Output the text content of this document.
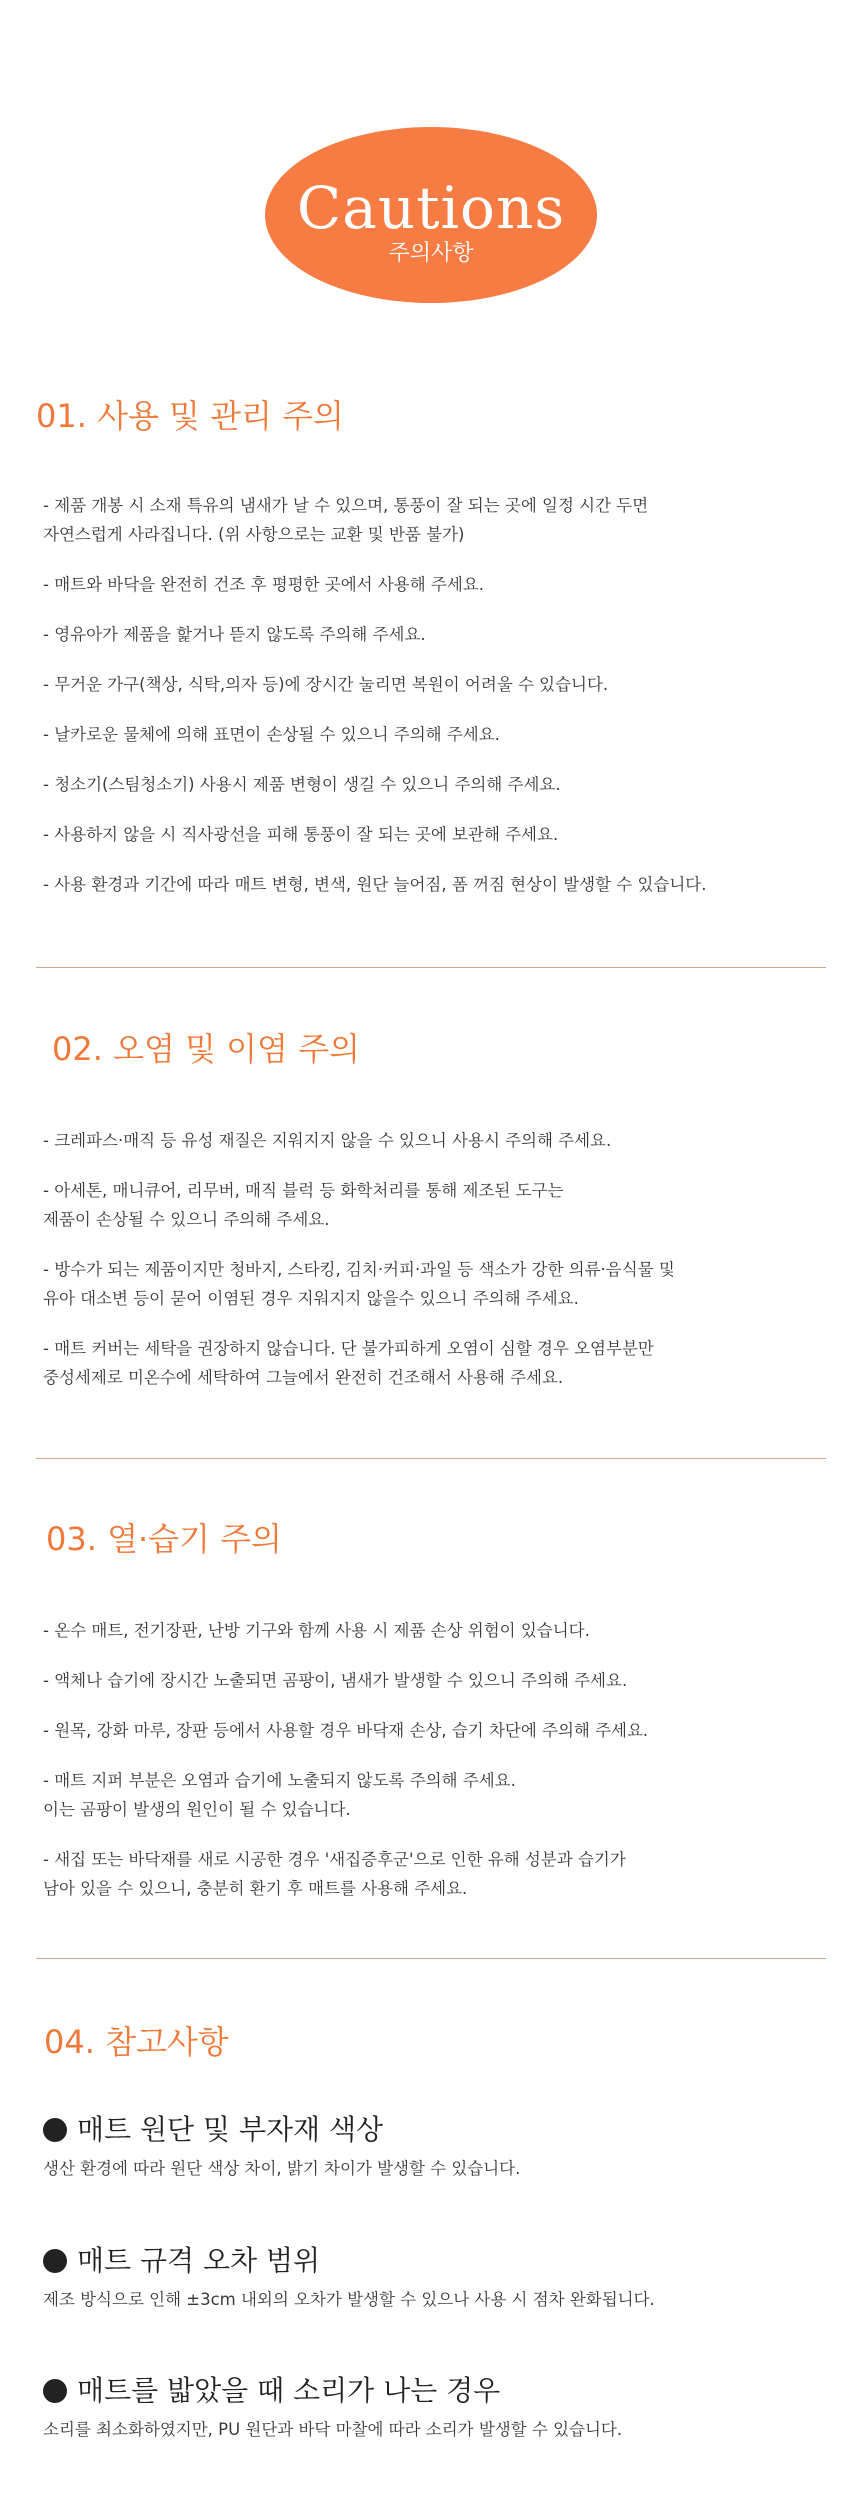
Cautions
주의사항
01. 사용 및 관리 주의

- 제품 개봉 시 소재 특유의 냄새가 날 수 있으며, 통풍이 잘 되는 곳에 일정 시간 두면
자연스럽게 사라집니다. (위 사항으로는 교환 및 반품 불가)

- 매트와 바닥을 완전히 건조 후 평평한 곳에서 사용해 주세요.

- 영유아가 제품을 핥거나 뜯지 않도록 주의해 주세요.

- 무거운 가구(책상, 식탁,의자 등)에 장시간 눌리면 복원이 어려울 수 있습니다.

- 날카로운 물체에 의해 표면이 손상될 수 있으니 주의해 주세요.

- 청소기(스팀청소기) 사용시 제품 변형이 생길 수 있으니 주의해 주세요.

- 사용하지 않을 시 직사광선을 피해 통풍이 잘 되는 곳에 보관해 주세요.

- 사용 환경과 기간에 따라 매트 변형, 변색, 원단 늘어짐, 폼 꺼짐 현상이 발생할 수 있습니다.

02. 오염 및 이염 주의

- 크레파스·매직 등 유성 재질은 지워지지 않을 수 있으니 사용시 주의해 주세요.

- 아세톤, 매니큐어, 리무버, 매직 블럭 등 화학처리를 통해 제조된 도구는
제품이 손상될 수 있으니 주의해 주세요.

- 방수가 되는 제품이지만 청바지, 스타킹, 김치·커피·과일 등 색소가 강한 의류·음식물 및
유아 대소변 등이 묻어 이염된 경우 지워지지 않을수 있으니 주의해 주세요.

- 매트 커버는 세탁을 권장하지 않습니다. 단 불가피하게 오염이 심할 경우 오염부분만
중성세제로 미온수에 세탁하여 그늘에서 완전히 건조해서 사용해 주세요.

03. 열·습기 주의

- 온수 매트, 전기장판, 난방 기구와 함께 사용 시 제품 손상 위험이 있습니다.

- 액체나 습기에 장시간 노출되면 곰팡이, 냄새가 발생할 수 있으니 주의해 주세요.

- 원목, 강화 마루, 장판 등에서 사용할 경우 바닥재 손상, 습기 차단에 주의해 주세요.

- 매트 지퍼 부분은 오염과 습기에 노출되지 않도록 주의해 주세요.
이는 곰팡이 발생의 원인이 될 수 있습니다.

- 새집 또는 바닥재를 새로 시공한 경우 '새집증후군'으로 인한 유해 성분과 습기가
남아 있을 수 있으니, 충분히 환기 후 매트를 사용해 주세요.

04. 참고사항
매트 원단 및 부자재 색상

생산 환경에 따라 원단 색상 차이, 밝기 차이가 발생할 수 있습니다.

매트 규격 오차 범위

제조 방식으로 인해 ±3cm 내외의 오차가 발생할 수 있으나 사용 시 점차 완화됩니다.

매트를 밟았을 때 소리가 나는 경우

소리를 최소화하였지만, PU 원단과 바닥 마찰에 따라 소리가 발생할 수 있습니다.
